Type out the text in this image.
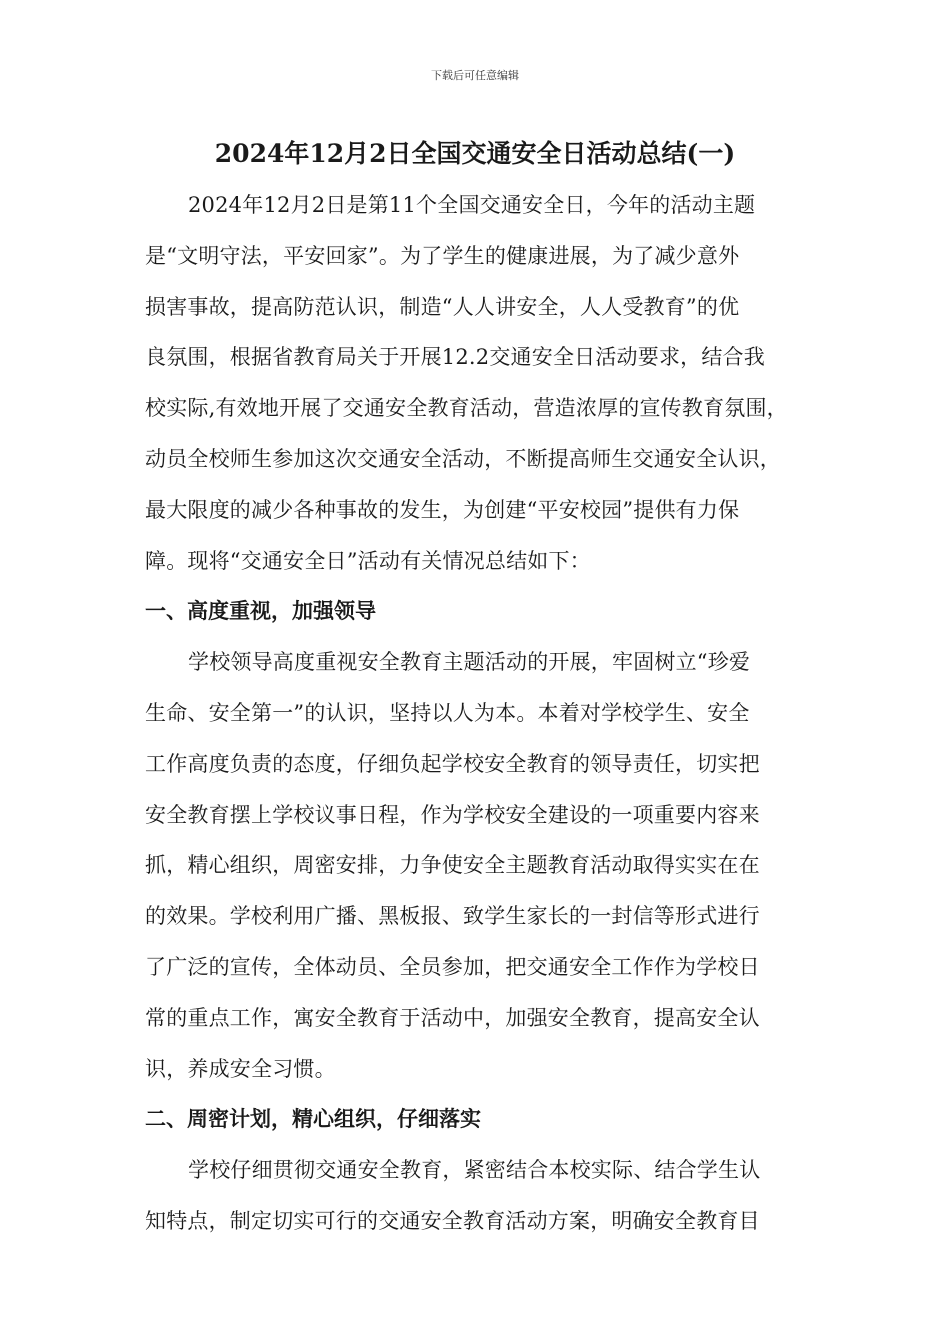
下载后可任意编辑
2024年12月2日全国交通安全日活动总结(一)

2024年12月2日是第11个全国交通安全日，今年的活动主题

是“文明守法，平安回家”。为了学生的健康进展，为了减少意外

损害事故，提高防范认识，制造“人人讲安全，人人受教育”的优

良氛围，根据省教育局关于开展12.2交通安全日活动要求，结合我

校实际,有效地开展了交通安全教育活动，营造浓厚的宣传教育氛围，

动员全校师生参加这次交通安全活动，不断提高师生交通安全认识，

最大限度的减少各种事故的发生，为创建“平安校园”提供有力保

障。现将“交通安全日”活动有关情况总结如下：

一、高度重视，加强领导

学校领导高度重视安全教育主题活动的开展，牢固树立“珍爱

生命、安全第一”的认识，坚持以人为本。本着对学校学生、安全

工作高度负责的态度，仔细负起学校安全教育的领导责任，切实把

安全教育摆上学校议事日程，作为学校安全建设的一项重要内容来

抓，精心组织，周密安排，力争使安全主题教育活动取得实实在在

的效果。学校利用广播、黑板报、致学生家长的一封信等形式进行

了广泛的宣传，全体动员、全员参加，把交通安全工作作为学校日

常的重点工作，寓安全教育于活动中，加强安全教育，提高安全认

识，养成安全习惯。

二、周密计划，精心组织，仔细落实

学校仔细贯彻交通安全教育，紧密结合本校实际、结合学生认

知特点，制定切实可行的交通安全教育活动方案，明确安全教育目
